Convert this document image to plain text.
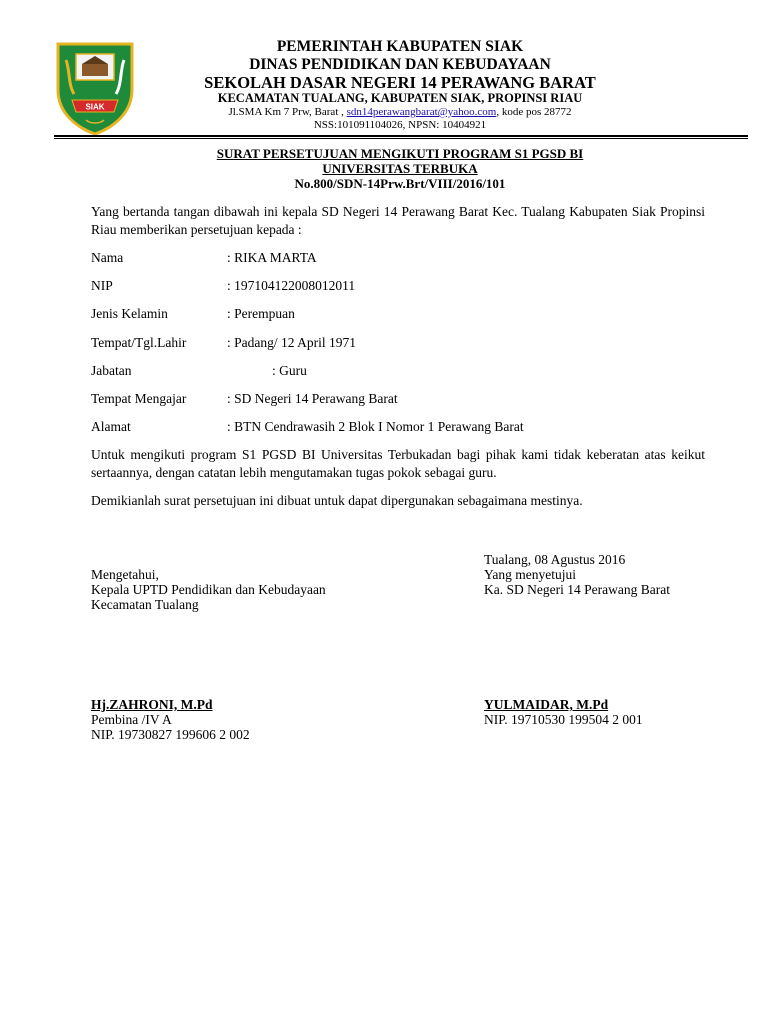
SIAK
PEMERINTAH KABUPATEN SIAK
DINAS PENDIDIKAN DAN KEBUDAYAAN
SEKOLAH DASAR NEGERI 14 PERAWANG BARAT
KECAMATAN TUALANG, KABUPATEN SIAK, PROPINSI RIAU
Jl.SMA Km 7 Prw, Barat , sdn14perawangbarat@yahoo.com, kode pos 28772
NSS:101091104026, NPSN: 10404921
SURAT PERSETUJUAN MENGIKUTI PROGRAM S1 PGSD BI
UNIVERSITAS TERBUKA
No.800/SDN-14Prw.Brt/VIII/2016/101
Yang bertanda tangan dibawah ini kepala SD Negeri 14 Perawang Barat Kec. Tualang Kabupaten Siak Propinsi Riau memberikan persetujuan kepada :
Nama	: RIKA MARTA
NIP	: 197104122008012011
Jenis Kelamin	: Perempuan
Tempat/Tgl.Lahir	: Padang/ 12 April 1971
Jabatan	: Guru
Tempat Mengajar	: SD Negeri 14 Perawang Barat
Alamat	: BTN Cendrawasih 2 Blok I Nomor 1 Perawang Barat
Untuk mengikuti program S1 PGSD BI Universitas Terbukadan bagi pihak kami tidak keberatan atas keikut sertaannya, dengan catatan lebih mengutamakan tugas pokok sebagai guru.
Demikianlah surat persetujuan ini dibuat untuk dapat dipergunakan sebagaimana mestinya.
Tualang, 08 Agustus 2016
Yang menyetujui
Ka. SD Negeri 14 Perawang Barat
YULMAIDAR, M.Pd
NIP. 19710530 199504 2 001
Mengetahui,
Kepala UPTD Pendidikan dan Kebudayaan
Kecamatan Tualang
Hj.ZAHRONI, M.Pd
Pembina /IV A
NIP. 19730827 199606 2 002
